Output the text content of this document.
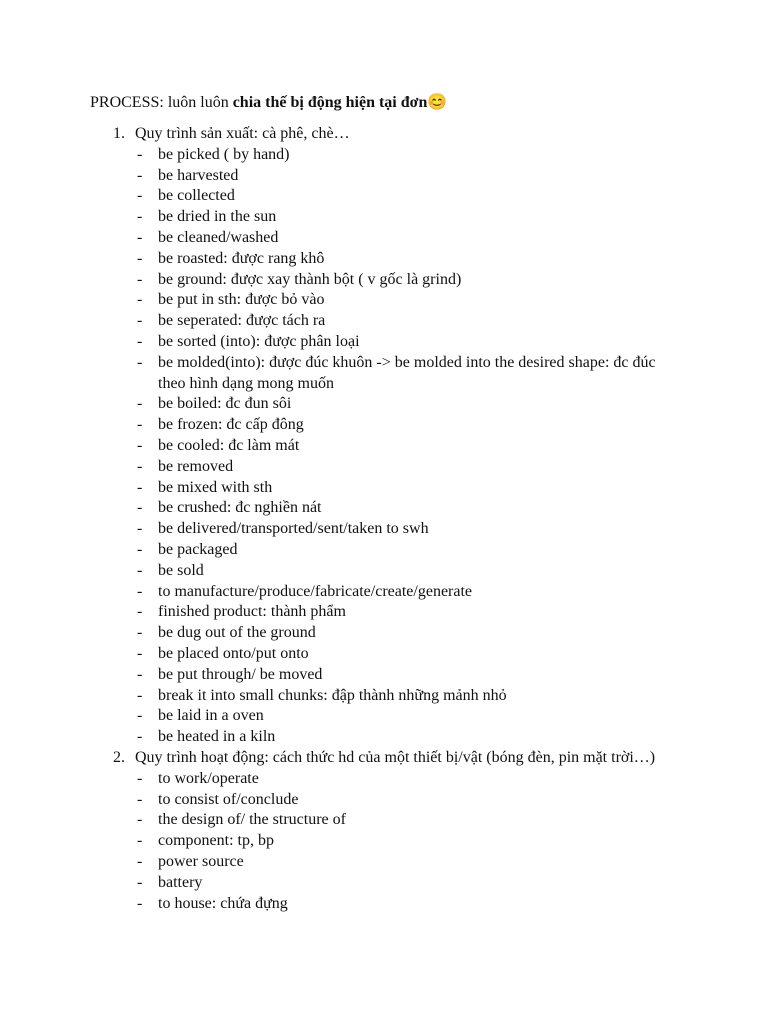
PROCESS: luôn luôn chia thế bị động hiện tại đơn😊
1. Quy trình sản xuất: cà phê, chè…
- be picked ( by hand)
- be harvested
- be collected
- be dried in the sun
- be cleaned/washed
- be roasted: được rang khô
- be ground: được xay thành bột ( v gốc là grind)
- be put in sth: được bỏ vào
- be seperated: được tách ra
- be sorted (into): được phân loại
- be molded(into): được đúc khuôn -> be molded into the desired shape: đc đúc theo hình dạng mong muốn
- be boiled: đc đun sôi
- be frozen: đc cấp đông
- be cooled: đc làm mát
- be removed
- be mixed with sth
- be crushed: đc nghiền nát
- be delivered/transported/sent/taken to swh
- be packaged
- be sold
- to manufacture/produce/fabricate/create/generate
- finished product: thành phẩm
- be dug out of the ground
- be placed onto/put onto
- be put through/ be moved
- break it into small chunks: đập thành những mảnh nhỏ
- be laid in a oven
- be heated in a kiln
2. Quy trình hoạt động: cách thức hd của một thiết bị/vật (bóng đèn, pin mặt trời…)
- to work/operate
- to consist of/conclude
- the design of/ the structure of
- component: tp, bp
- power source
- battery
- to house: chứa đựng
